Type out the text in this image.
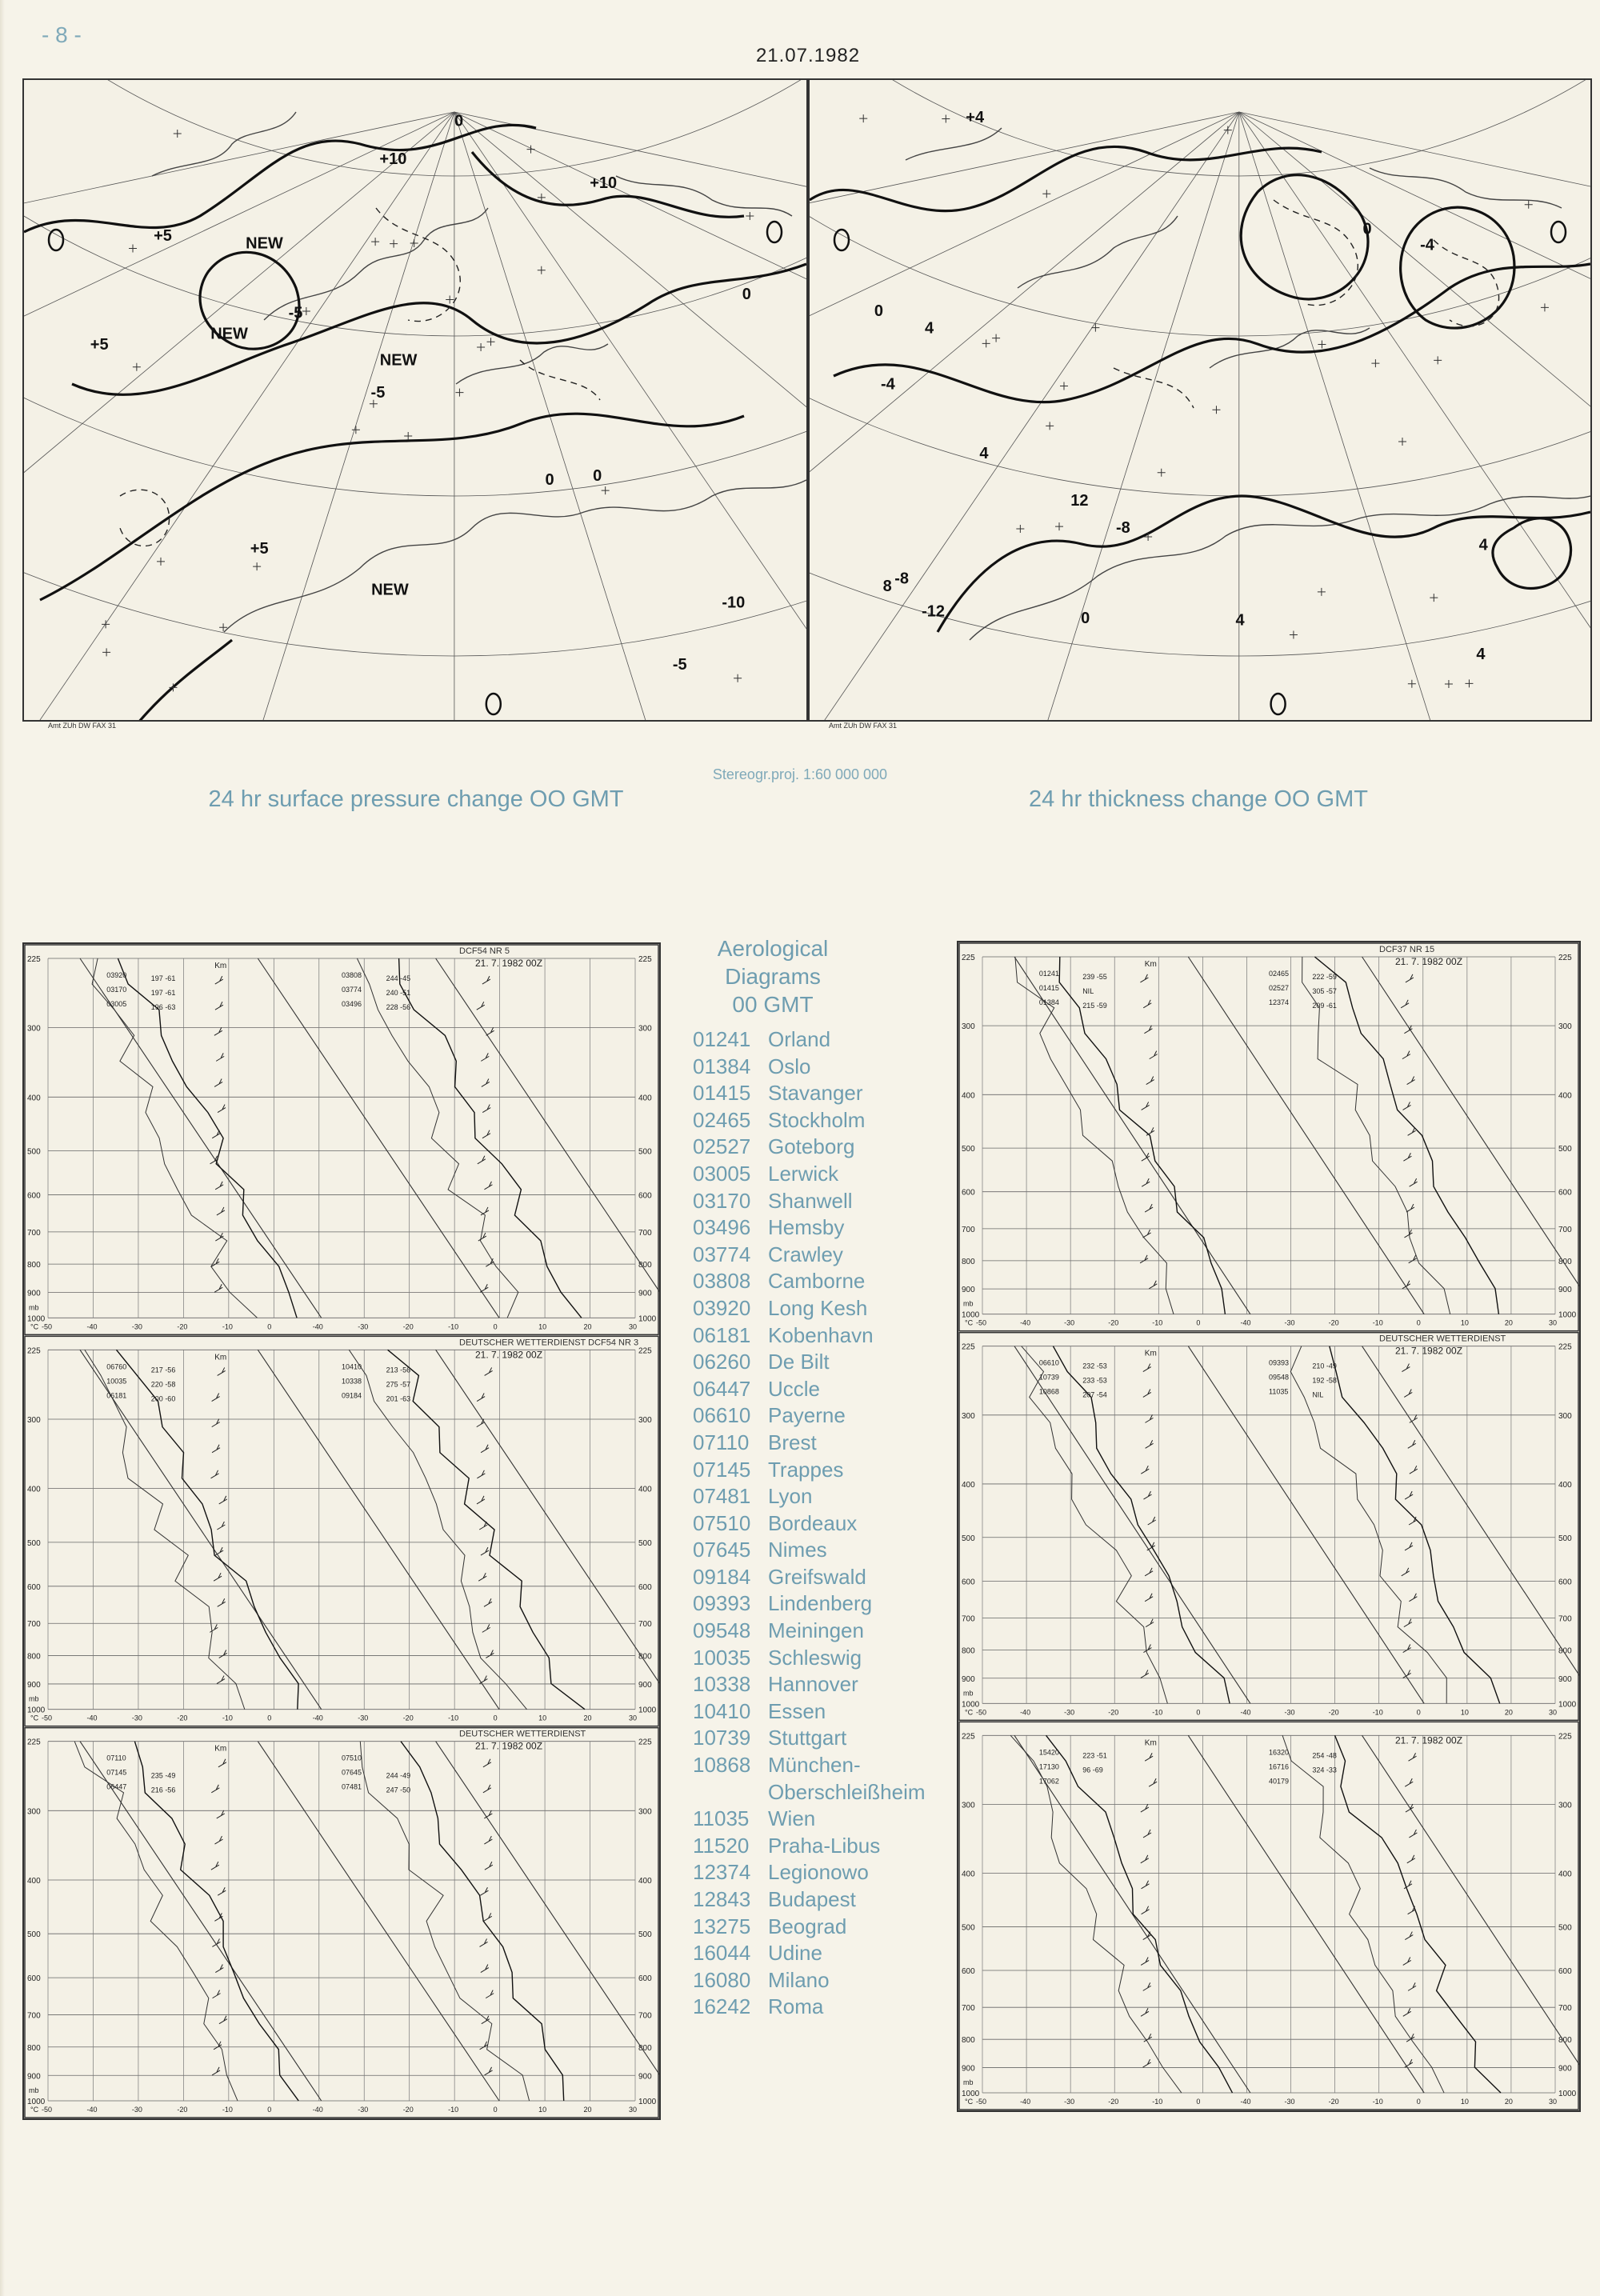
- 8 -
21.07.1982
+5
+10
+5
0
0
-5
NEW
NEW
NEW
+10
+5
-5
-10
0
0
-5
NEW
4
-8
-4
8
12
-8
-12
4
0
0
4
+4
4
0
-4
4
Amt ZUh DW FAX 31	Amt ZUh DW FAX 31
Stereogr.proj. 1:60 000 000
24 hr surface pressure change OO GMT	24 hr thickness change OO GMT
225	225
300	300
400	400
500	500
600	600
700	700
800	800
900	900
1000	1000
-50	-40	-30	-20	-10	0	-40	-30	-20	-10	0	10	20	30
°C
mb
Km
DCF54 NR 5
21. 7. 1982 00Z
03920	197 -61
03170	197 -61
03005	196 -63
03808	244 -45
03774	240 -51
03496	228 -56
225	225
300	300
400	400
500	500
600	600
700	700
800	800
900	900
1000	1000
-50	-40	-30	-20	-10	0	-40	-30	-20	-10	0	10	20	30
°C
mb
Km
DEUTSCHER WETTERDIENST DCF54 NR 3
21. 7. 1982 00Z
06760	217 -56
10035	220 -58
06181	200 -60
10410	213 -56
10338	275 -57
09184	201 -63
225	225
300	300
400	400
500	500
600	600
700	700
800	800
900	900
1000	1000
-50	-40	-30	-20	-10	0	-40	-30	-20	-10	0	10	20	30
°C
mb
Km
DEUTSCHER WETTERDIENST
21. 7. 1982 00Z
07110
07145	235 -49
06447	216 -56
07510
07645	244 -49
07481	247 -50
225	225
300	300
400	400
500	500
600	600
700	700
800	800
900	900
1000	1000
-50	-40	-30	-20	-10	0	-40	-30	-20	-10	0	10	20	30
°C
mb
Km
DCF37 NR 15
21. 7. 1982 00Z
01241	239 -55
01415	NIL
01384	215 -59
02465	222 -59
02527	305 -57
12374	209 -61
225	225
300	300
400	400
500	500
600	600
700	700
800	800
900	900
1000	1000
-50	-40	-30	-20	-10	0	-40	-30	-20	-10	0	10	20	30
°C
mb
Km
DEUTSCHER WETTERDIENST
21. 7. 1982 00Z
06610	232 -53
10739	233 -53
10868	207 -54
09393	210 -49
09548	192 -58
11035	NIL
225	225
300	300
400	400
500	500
600	600
700	700
800	800
900	900
1000	1000
-50	-40	-30	-20	-10	0	-40	-30	-20	-10	0	10	20	30
°C
mb
Km	21. 7. 1982 00Z
15420	223 -51
17130	96 -69
17062
16320	254 -48
16716	324 -33
40179
Aerological
Diagrams
00 GMT
01241 Orland
01384 Oslo
01415 Stavanger
02465 Stockholm
02527 Goteborg
03005 Lerwick
03170 Shanwell
03496 Hemsby
03774 Crawley
03808 Camborne
03920 Long Kesh
06181 Kobenhavn
06260 De Bilt
06447 Uccle
06610 Payerne
07110 Brest
07145 Trappes
07481 Lyon
07510 Bordeaux
07645 Nimes
09184 Greifswald
09393 Lindenberg
09548 Meiningen
10035 Schleswig
10338 Hannover
10410 Essen
10739 Stuttgart
10868 München-
Oberschleißheim
11035 Wien
11520 Praha-Libus
12374 Legionowo
12843 Budapest
13275 Beograd
16044 Udine
16080 Milano
16242 Roma
